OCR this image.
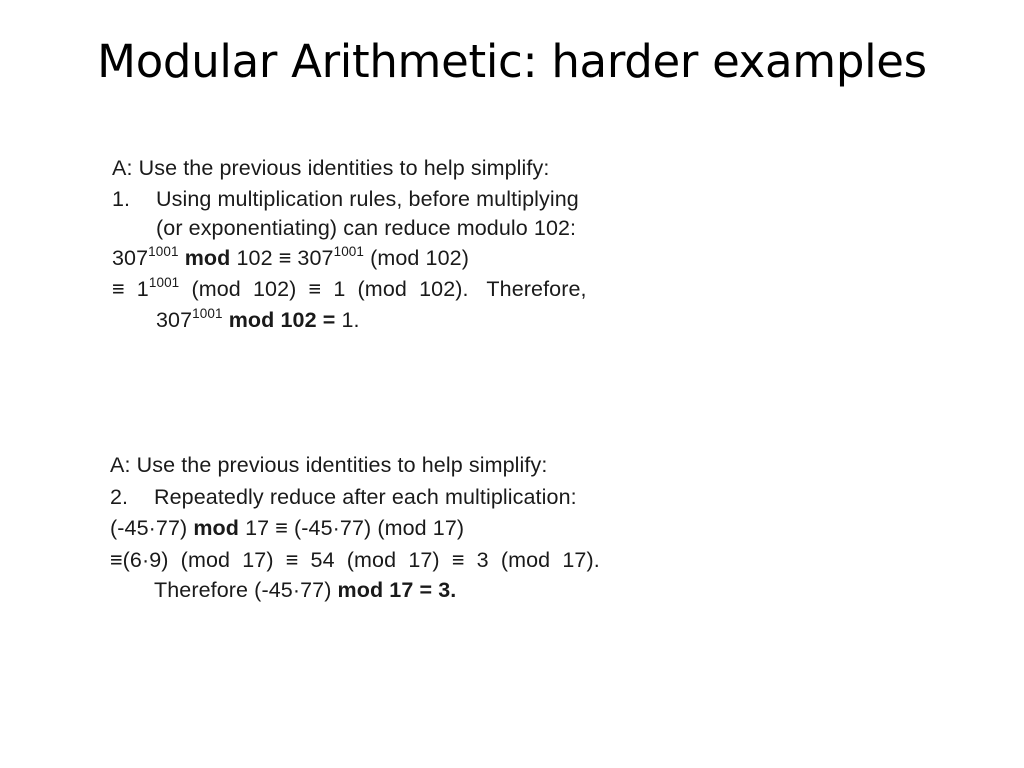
Modular Arithmetic: harder examples
A: Use the previous identities to help simplify:
1. Using multiplication rules, before multiplying
(or exponentiating) can reduce modulo 102:
$307^{1001}$ mod $102 \equiv 307^{1001}$ (mod 102)
≡  $1^{1001}$  (mod  102)  ≡  1  (mod  102).   Therefore,
$307^{1001}$ mod 102 = 1.
A: Use the previous identities to help simplify:
2. Repeatedly reduce after each multiplication:
(-45·77) mod 17 ≡ (-45·77) (mod 17)
≡(6·9)  (mod  17)  ≡  54  (mod  17)  ≡  3  (mod  17).
Therefore (-45·77) mod 17 = 3.
